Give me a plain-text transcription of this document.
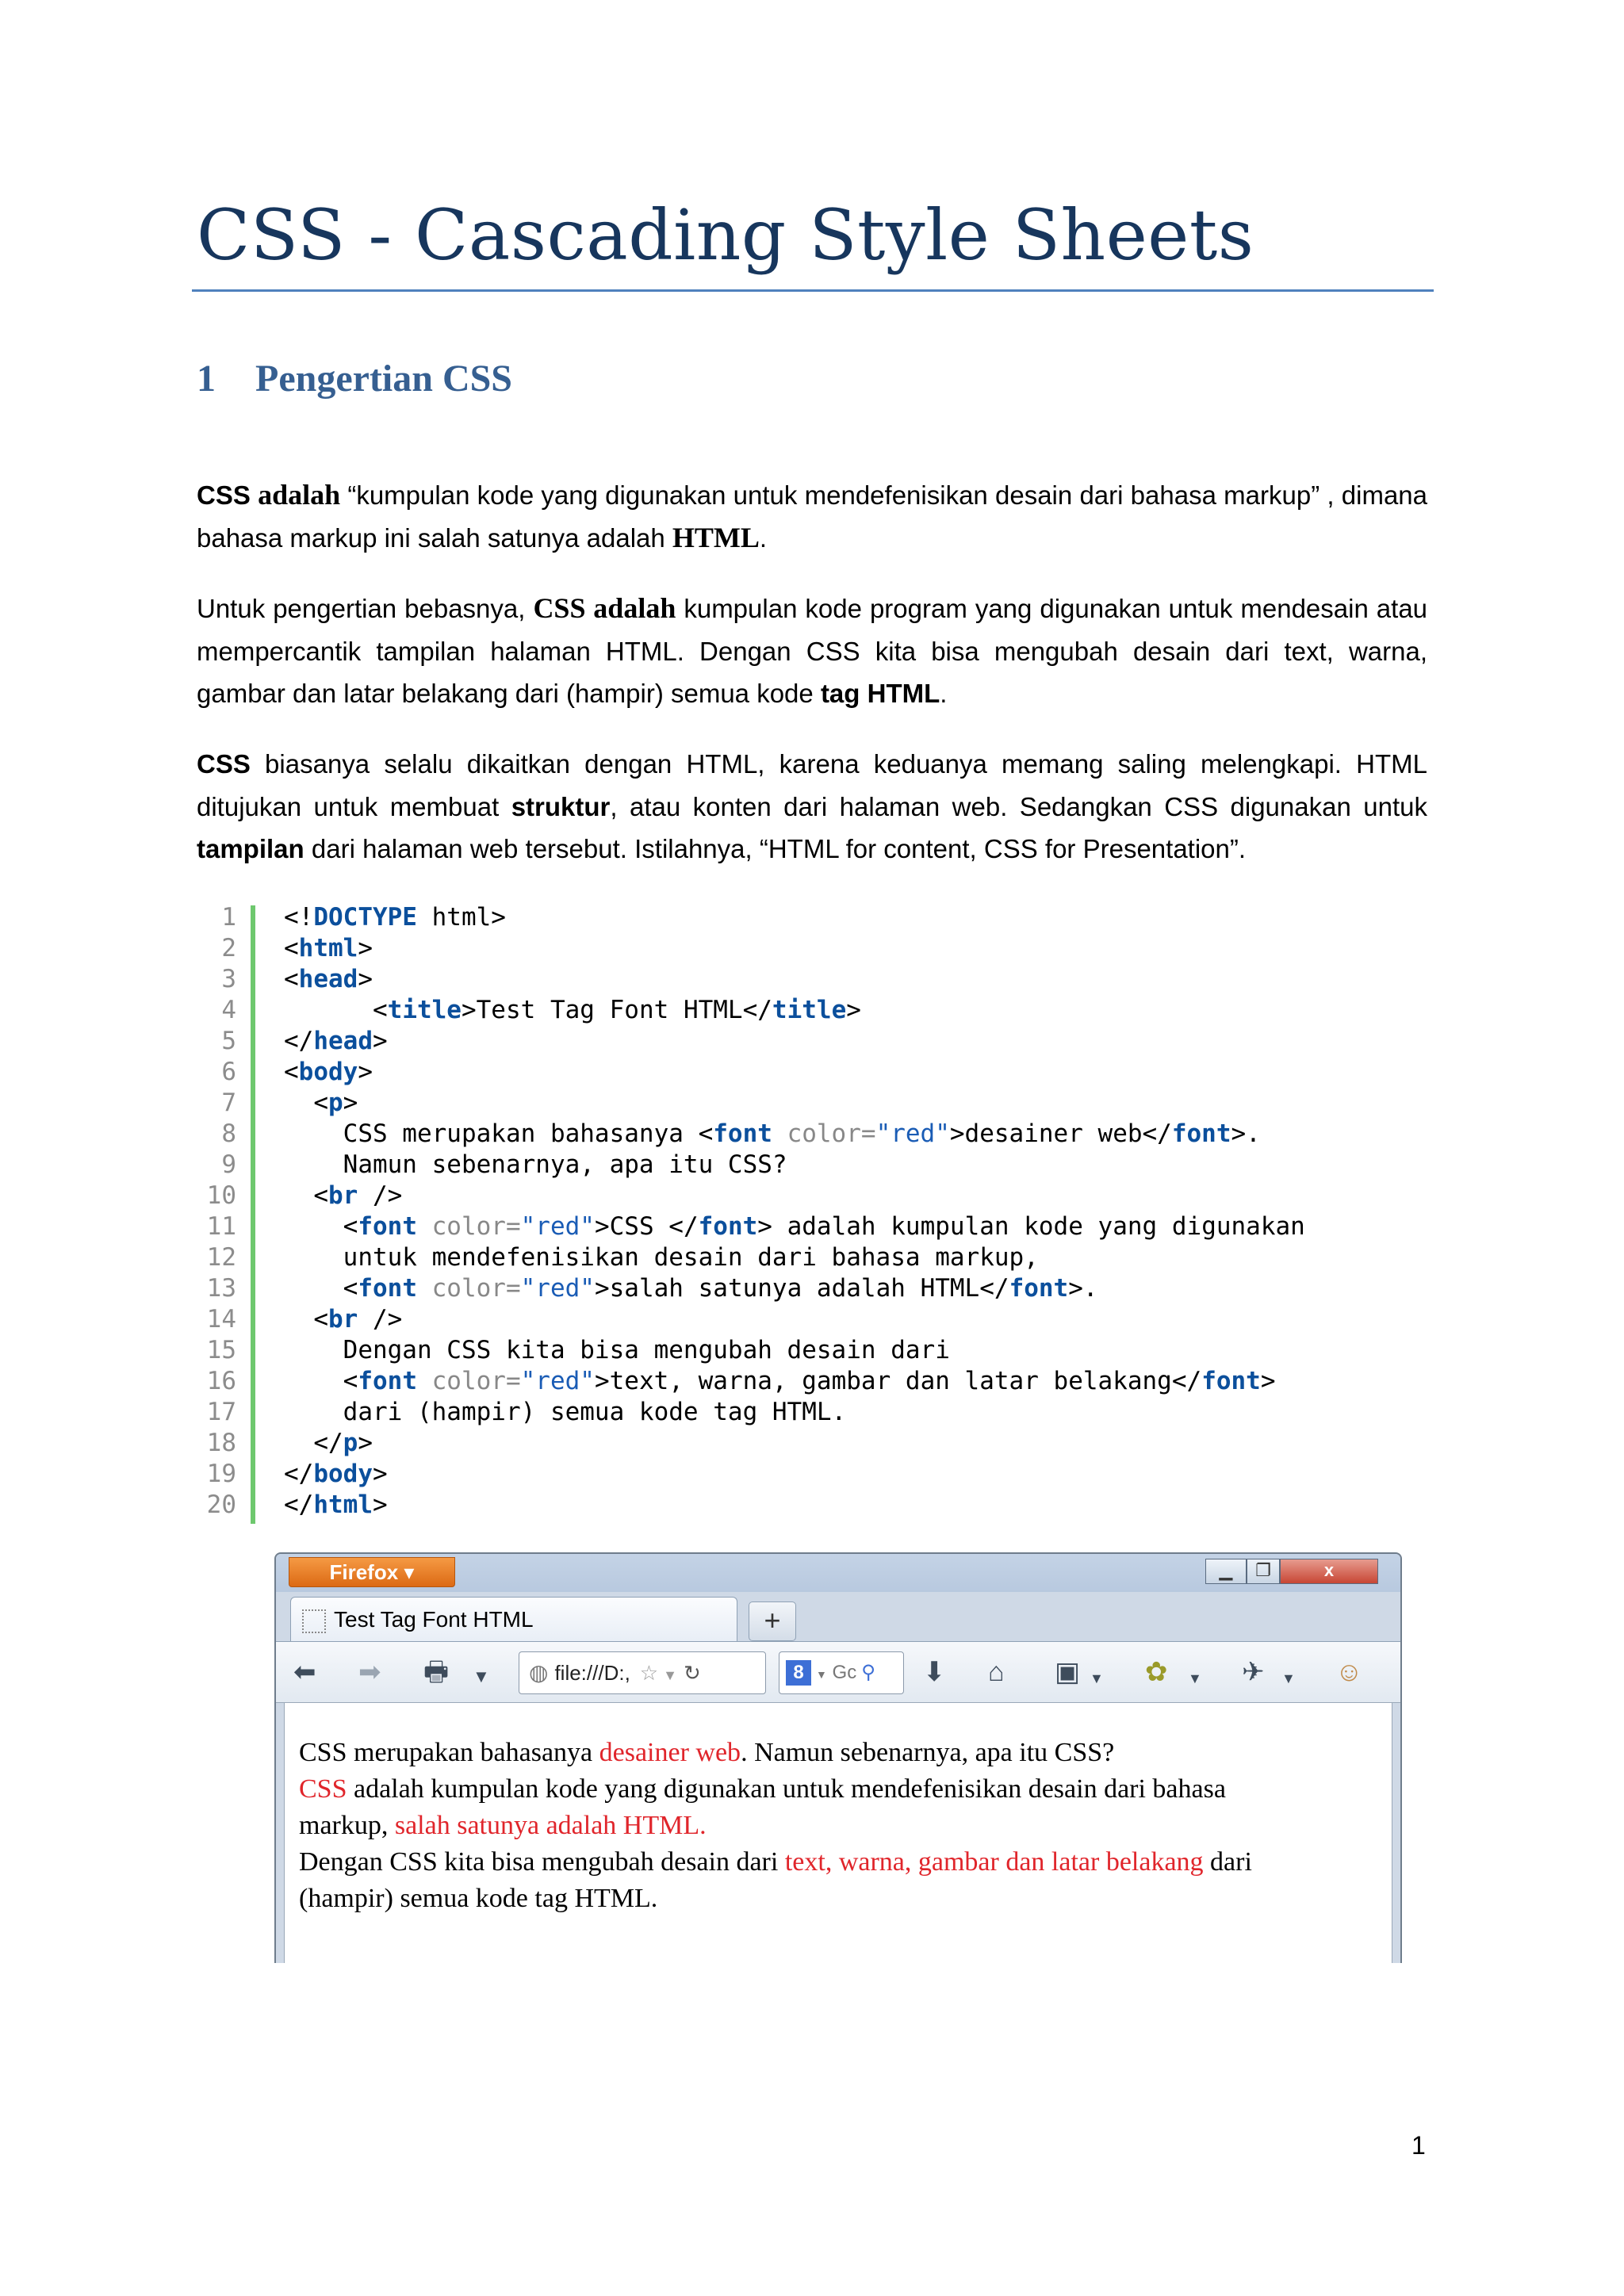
CSS - Cascading Style Sheets
1 Pengertian CSS
CSS adalah “kumpulan kode yang digunakan untuk mendefenisikan desain dari bahasa markup” , dimana bahasa markup ini salah satunya adalah HTML.
Untuk pengertian bebasnya, CSS adalah kumpulan kode program yang digunakan untuk mendesain atau mempercantik tampilan halaman HTML. Dengan CSS kita bisa mengubah desain dari text, warna, gambar dan latar belakang dari (hampir) semua kode tag HTML.
CSS biasanya selalu dikaitkan dengan HTML, karena keduanya memang saling melengkapi. HTML ditujukan untuk membuat struktur, atau konten dari halaman web. Sedangkan CSS digunakan untuk tampilan dari halaman web tersebut. Istilahnya, “HTML for content, CSS for Presentation”.
1 <!DOCTYPE html>
2 <html>
3 <head>
4 <title>Test Tag Font HTML</title>
5 </head>
6 <body>
7 <p>
8 CSS merupakan bahasanya <font color="red">desainer web</font>.
9 Namun sebenarnya, apa itu CSS?
10 <br />
11 <font color="red">CSS </font> adalah kumpulan kode yang digunakan
12 untuk mendefenisikan desain dari bahasa markup,
13 <font color="red">salah satunya adalah HTML</font>.
14 <br />
15 Dengan CSS kita bisa mengubah desain dari
16 <font color="red">text, warna, gambar dan latar belakang</font>
17 dari (hampir) semua kode tag HTML.
18 </p>
19 </body>
20 </html>
Firefox ▾	▁	❐	x
Test Tag Font HTML	+
⬅ ➡ 🖶 ▼	◍ file:///D:, ☆ ▼ ↻	8 ▼ Gc ⚲	⬇ ⌂ ▣ ▼ ✿ ▼ ✈ ▼ ☺
CSS merupakan bahasanya desainer web. Namun sebenarnya, apa itu CSS?
CSS adalah kumpulan kode yang digunakan untuk mendefenisikan desain dari bahasa
markup, salah satunya adalah HTML.
Dengan CSS kita bisa mengubah desain dari text, warna, gambar dan latar belakang dari
(hampir) semua kode tag HTML.
1
